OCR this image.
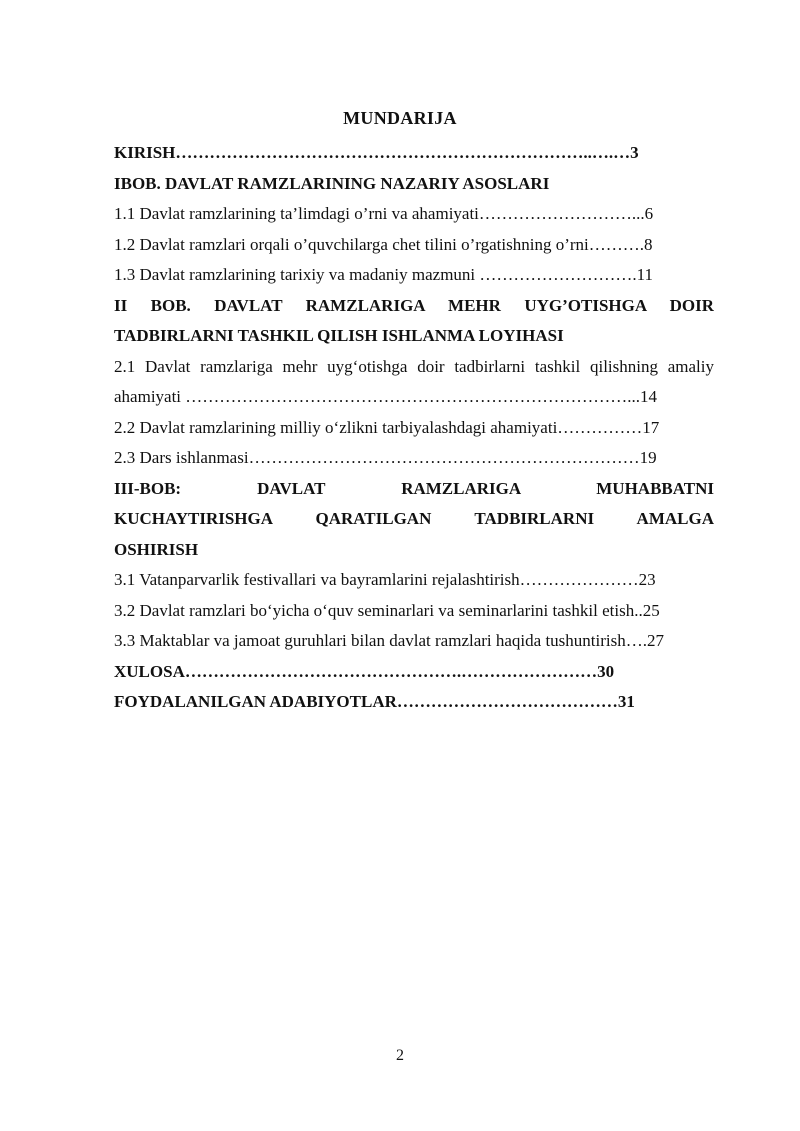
MUNDARIJA
KIRISH………………………………………………………………..….…3
IBOB. DAVLAT RAMZLARINING NAZARIY ASOSLARI
1.1 Davlat ramzlarining ta’limdagi o’rni va ahamiyati………………………...6
1.2 Davlat ramzlari orqali o’quvchilarga chet tilini o’rgatishning o’rni……….8
1.3 Davlat ramzlarining tarixiy va madaniy mazmuni ……………………….11
II BOB. DAVLAT RAMZLARIGA MEHR UYG’OTISHGA DOIR
TADBIRLARNI TASHKIL QILISH ISHLANMA LOYIHASI
2.1 Davlat ramzlariga mehr uyg‘otishga doir tadbirlarni tashkil qilishning amaliy
ahamiyati ……………………………………………………………………...14
2.2 Davlat ramzlarining milliy o‘zlikni tarbiyalashdagi ahamiyati……………17
2.3 Dars ishlanmasi……………………………………………………………19
III-BOB: DAVLAT RAMZLARIGA MUHABBATNI
KUCHAYTIRISHGA QARATILGAN TADBIRLARNI AMALGA
OSHIRISH
3.1 Vatanparvarlik festivallari va bayramlarini rejalashtirish…………………23
3.2 Davlat ramzlari bo‘yicha o‘quv seminarlari va seminarlarini tashkil etish..25
3.3 Maktablar va jamoat guruhlari bilan davlat ramzlari haqida tushuntirish….27
XULOSA………………………………………….……………………30
FOYDALANILGAN ADABIYOTLAR…………………………………31
2
